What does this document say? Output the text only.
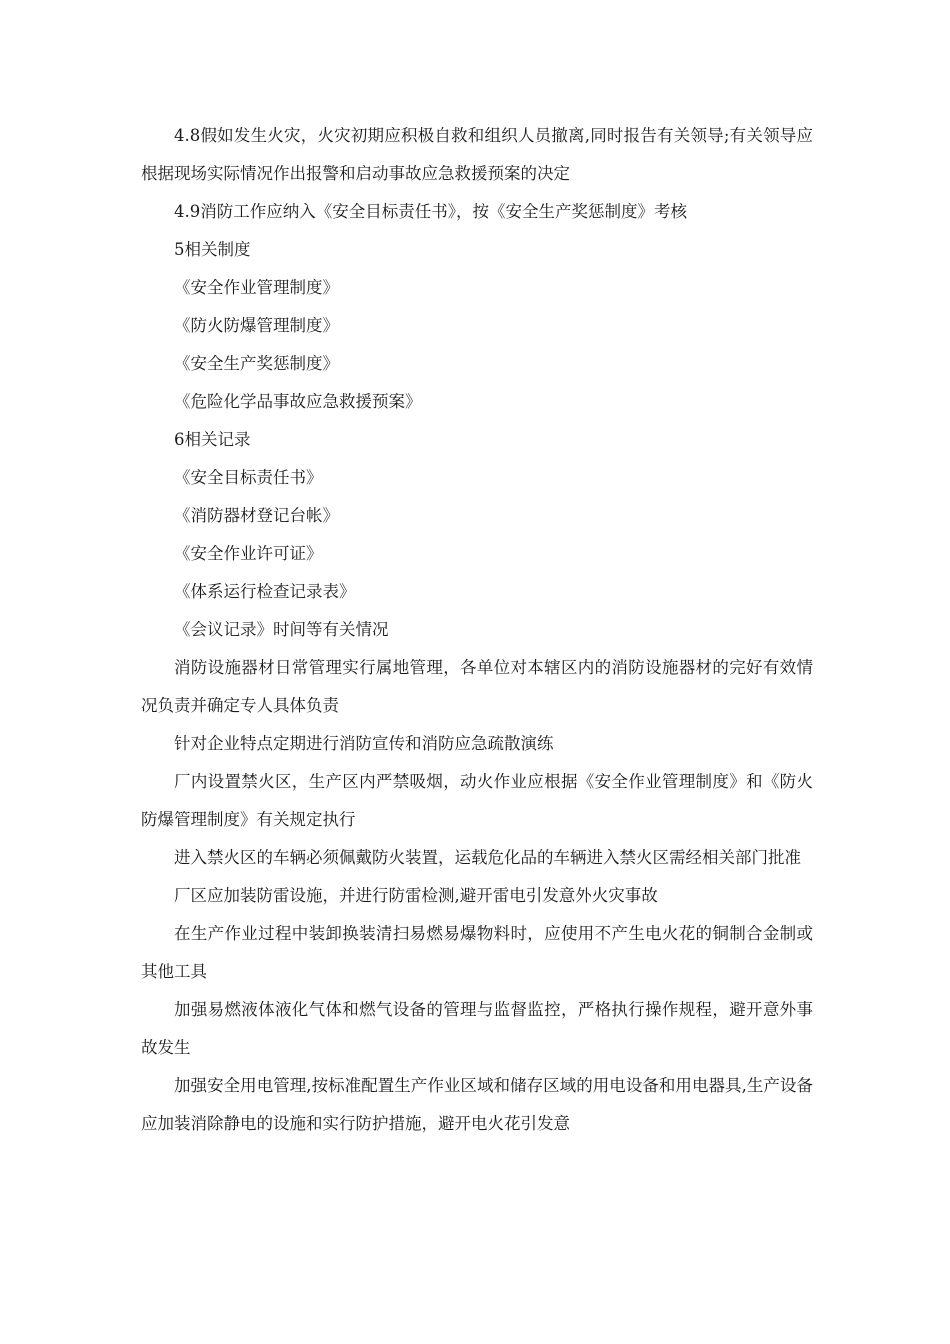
4.8假如发生火灾，火灾初期应积极自救和组织人员撤离,同时报告有关领导;有关领导应根据现场实际情况作出报警和启动事故应急救援预案的决定

4.9消防工作应纳入《安全目标责任书》，按《安全生产奖惩制度》考核

5相关制度

《安全作业管理制度》

《防火防爆管理制度》

《安全生产奖惩制度》

《危险化学品事故应急救援预案》

6相关记录

《安全目标责任书》

《消防器材登记台帐》

《安全作业许可证》

《体系运行检查记录表》

《会议记录》时间等有关情况

消防设施器材日常管理实行属地管理，各单位对本辖区内的消防设施器材的完好有效情况负责并确定专人具体负责

针对企业特点定期进行消防宣传和消防应急疏散演练

厂内设置禁火区，生产区内严禁吸烟，动火作业应根据《安全作业管理制度》和《防火防爆管理制度》有关规定执行

进入禁火区的车辆必须佩戴防火装置，运载危化品的车辆进入禁火区需经相关部门批准

厂区应加装防雷设施，并进行防雷检测,避开雷电引发意外火灾事故

在生产作业过程中装卸换装清扫易燃易爆物料时，应使用不产生电火花的铜制合金制或其他工具

加强易燃液体液化气体和燃气设备的管理与监督监控，严格执行操作规程，避开意外事故发生

加强安全用电管理,按标准配置生产作业区域和储存区域的用电设备和用电器具,生产设备应加装消除静电的设施和实行防护措施，避开电火花引发意
